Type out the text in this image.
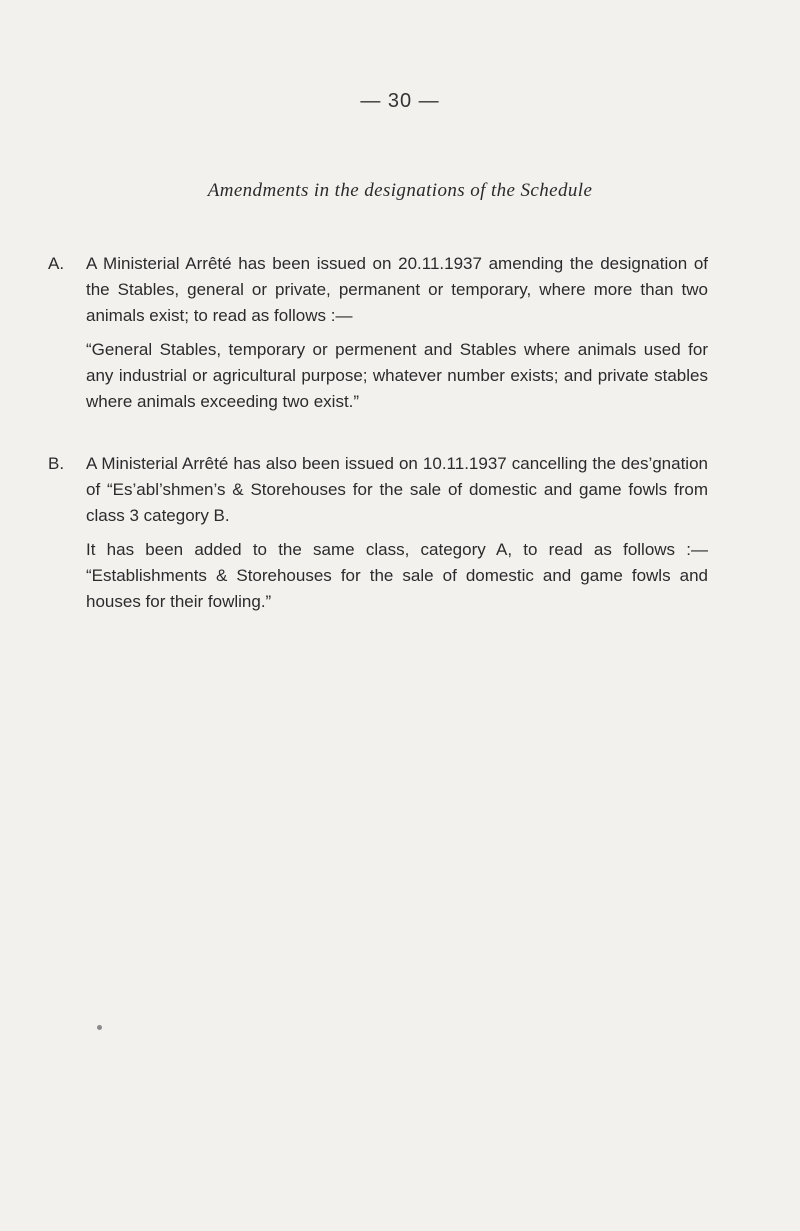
— 30 —
Amendments in the designations of the Schedule
A.	A Ministerial Arrêté has been issued on 20.11.1937 amending the designation of the Stables, general or private, permanent or temporary, where more than two animals exist; to read as follows :—

“General Stables, temporary or permenent and Stables where animals used for any industrial or agricultural purpose; whatever number exists; and private stables where animals exceeding two exist.”

B.	A Ministerial Arrêté has also been issued on 10.11.1937 cancelling the des’gnation of “Es’abl’shmen’s & Storehouses for the sale of domestic and game fowls from class 3 category B.

It has been added to the same class, category A, to read as follows :— “Establishments & Storehouses for the sale of domestic and game fowls and houses for their fowling.”
